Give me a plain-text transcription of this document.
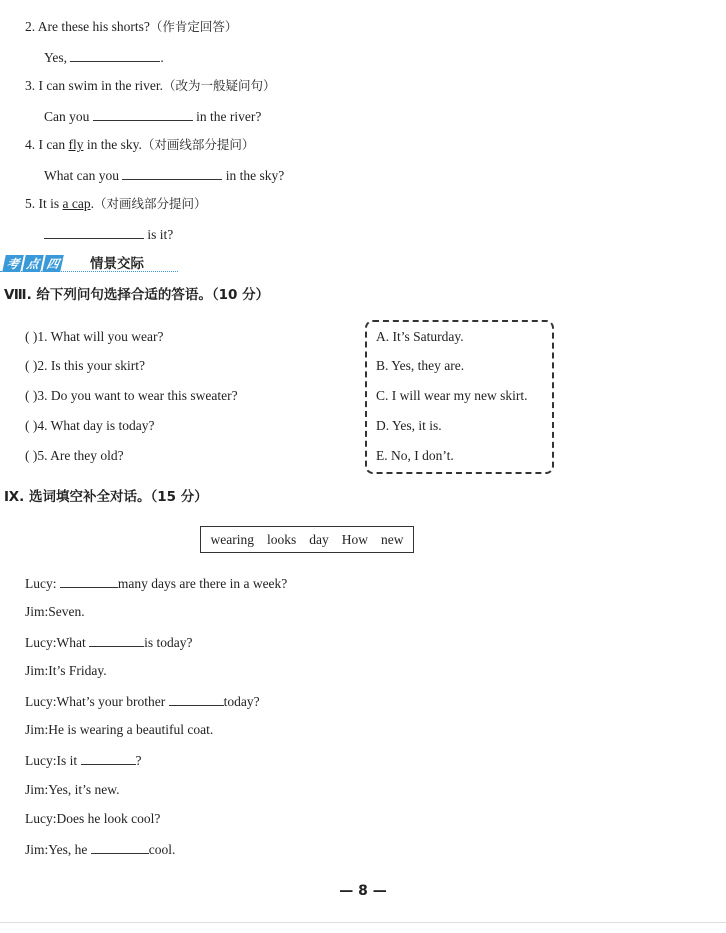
2. Are these his shorts?（作肯定回答）
Yes,	.
3. I can swim in the river.（改为一般疑问句）
Can you	in the river?
4. I can fly in the sky.（对画线部分提问）
What can you	in the sky?
5. It is a cap.（对画线部分提问）
is it?
考 点 四 情景交际
Ⅷ. 给下列问句选择合适的答语。（10 分）
( )1. What will you wear?
( )2. Is this your skirt?
( )3. Do you want to wear this sweater?
( )4. What day is today?
( )5. Are they old?
A. It’s Saturday.
B. Yes, they are.
C. I will wear my new skirt.
D. Yes, it is.
E. No, I don’t.
Ⅸ. 选词填空补全对话。（15 分）
wearing looks day How new
— 8 —
Lucy:	many days are there in a week?
Jim:Seven.
Lucy:What	is today?
Jim:It’s Friday.
Lucy:What’s your brother	today?
Jim:He is wearing a beautiful coat.
Lucy:Is it	?
Jim:Yes, it’s new.
Lucy:Does he look cool?
Jim:Yes, he	cool.
